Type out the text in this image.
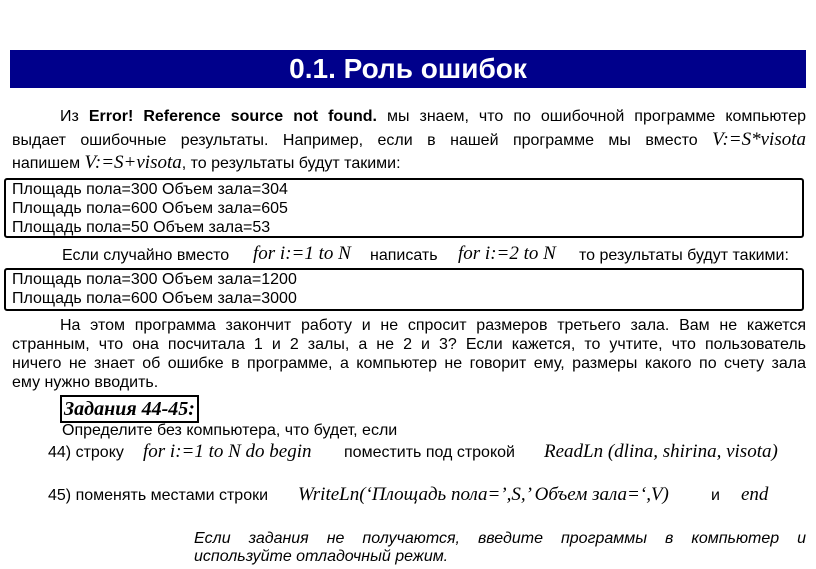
0.1. Роль ошибок
Из Error! Reference source not found. мы знаем, что по ошибочной программе компьютер
выдает ошибочные результаты. Например, если в нашей программе мы вместо V:=S*visota
напишем V:=S+visota, то результаты будут такими:
Площадь пола=300 Объем зала=304
Площадь пола=600 Объем зала=605
Площадь пола=50 Объем зала=53
Если случайно вместо for i:=1 to N написать for i:=2 to N то результаты будут такими:
Площадь пола=300 Объем зала=1200
Площадь пола=600 Объем зала=3000
На этом программа закончит работу и не спросит размеров третьего зала. Вам не кажется
странным, что она посчитала 1 и 2 залы, а не 2 и 3? Если кажется, то учтите, что пользователь
ничего не знает об ошибке в программе, а компьютер не говорит ему, размеры какого по счету зала
ему нужно вводить.
Задания 44-45:
Определите без компьютера, что будет, если
44) строку for i:=1 to N do begin поместить под строкой ReadLn (dlina, shirina, visota)
45) поменять местами строки WriteLn(‘Площадь пола=’,S,’ Объем зала=‘,V)	и end
Если задания не получаются, введите программы в компьютер и
используйте отладочный режим.
